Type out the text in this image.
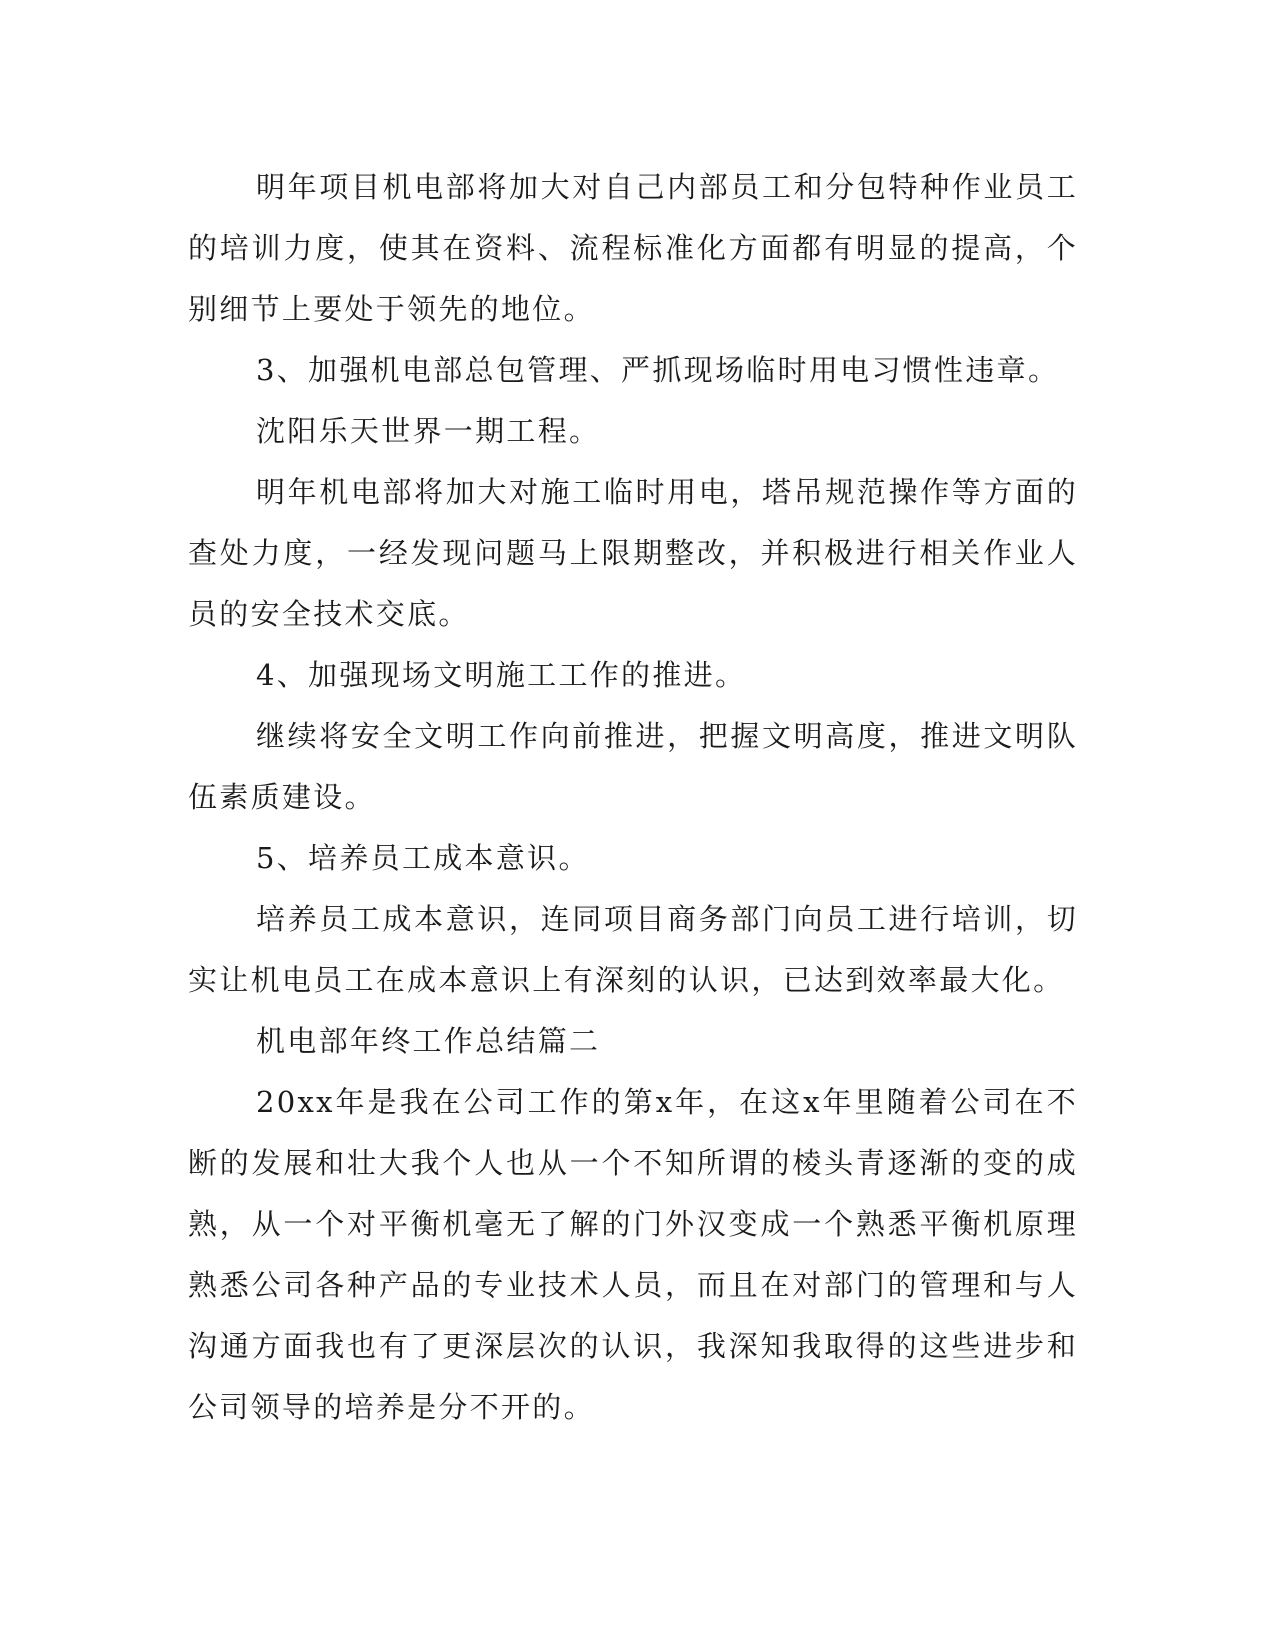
明年项目机电部将加大对自己内部员工和分包特种作业员工的培训力度，使其在资料、流程标准化方面都有明显的提高，个别细节上要处于领先的地位。

3、加强机电部总包管理、严抓现场临时用电习惯性违章。

沈阳乐天世界一期工程。

明年机电部将加大对施工临时用电，塔吊规范操作等方面的查处力度，一经发现问题马上限期整改，并积极进行相关作业人员的安全技术交底。

4、加强现场文明施工工作的推进。

继续将安全文明工作向前推进，把握文明高度，推进文明队伍素质建设。

5、培养员工成本意识。

培养员工成本意识，连同项目商务部门向员工进行培训，切实让机电员工在成本意识上有深刻的认识，已达到效率最大化。

机电部年终工作总结篇二

20xx年是我在公司工作的第x年，在这x年里随着公司在不断的发展和壮大我个人也从一个不知所谓的棱头青逐渐的变的成熟，从一个对平衡机毫无了解的门外汉变成一个熟悉平衡机原理熟悉公司各种产品的专业技术人员，而且在对部门的管理和与人沟通方面我也有了更深层次的认识，我深知我取得的这些进步和公司领导的培养是分不开的。
